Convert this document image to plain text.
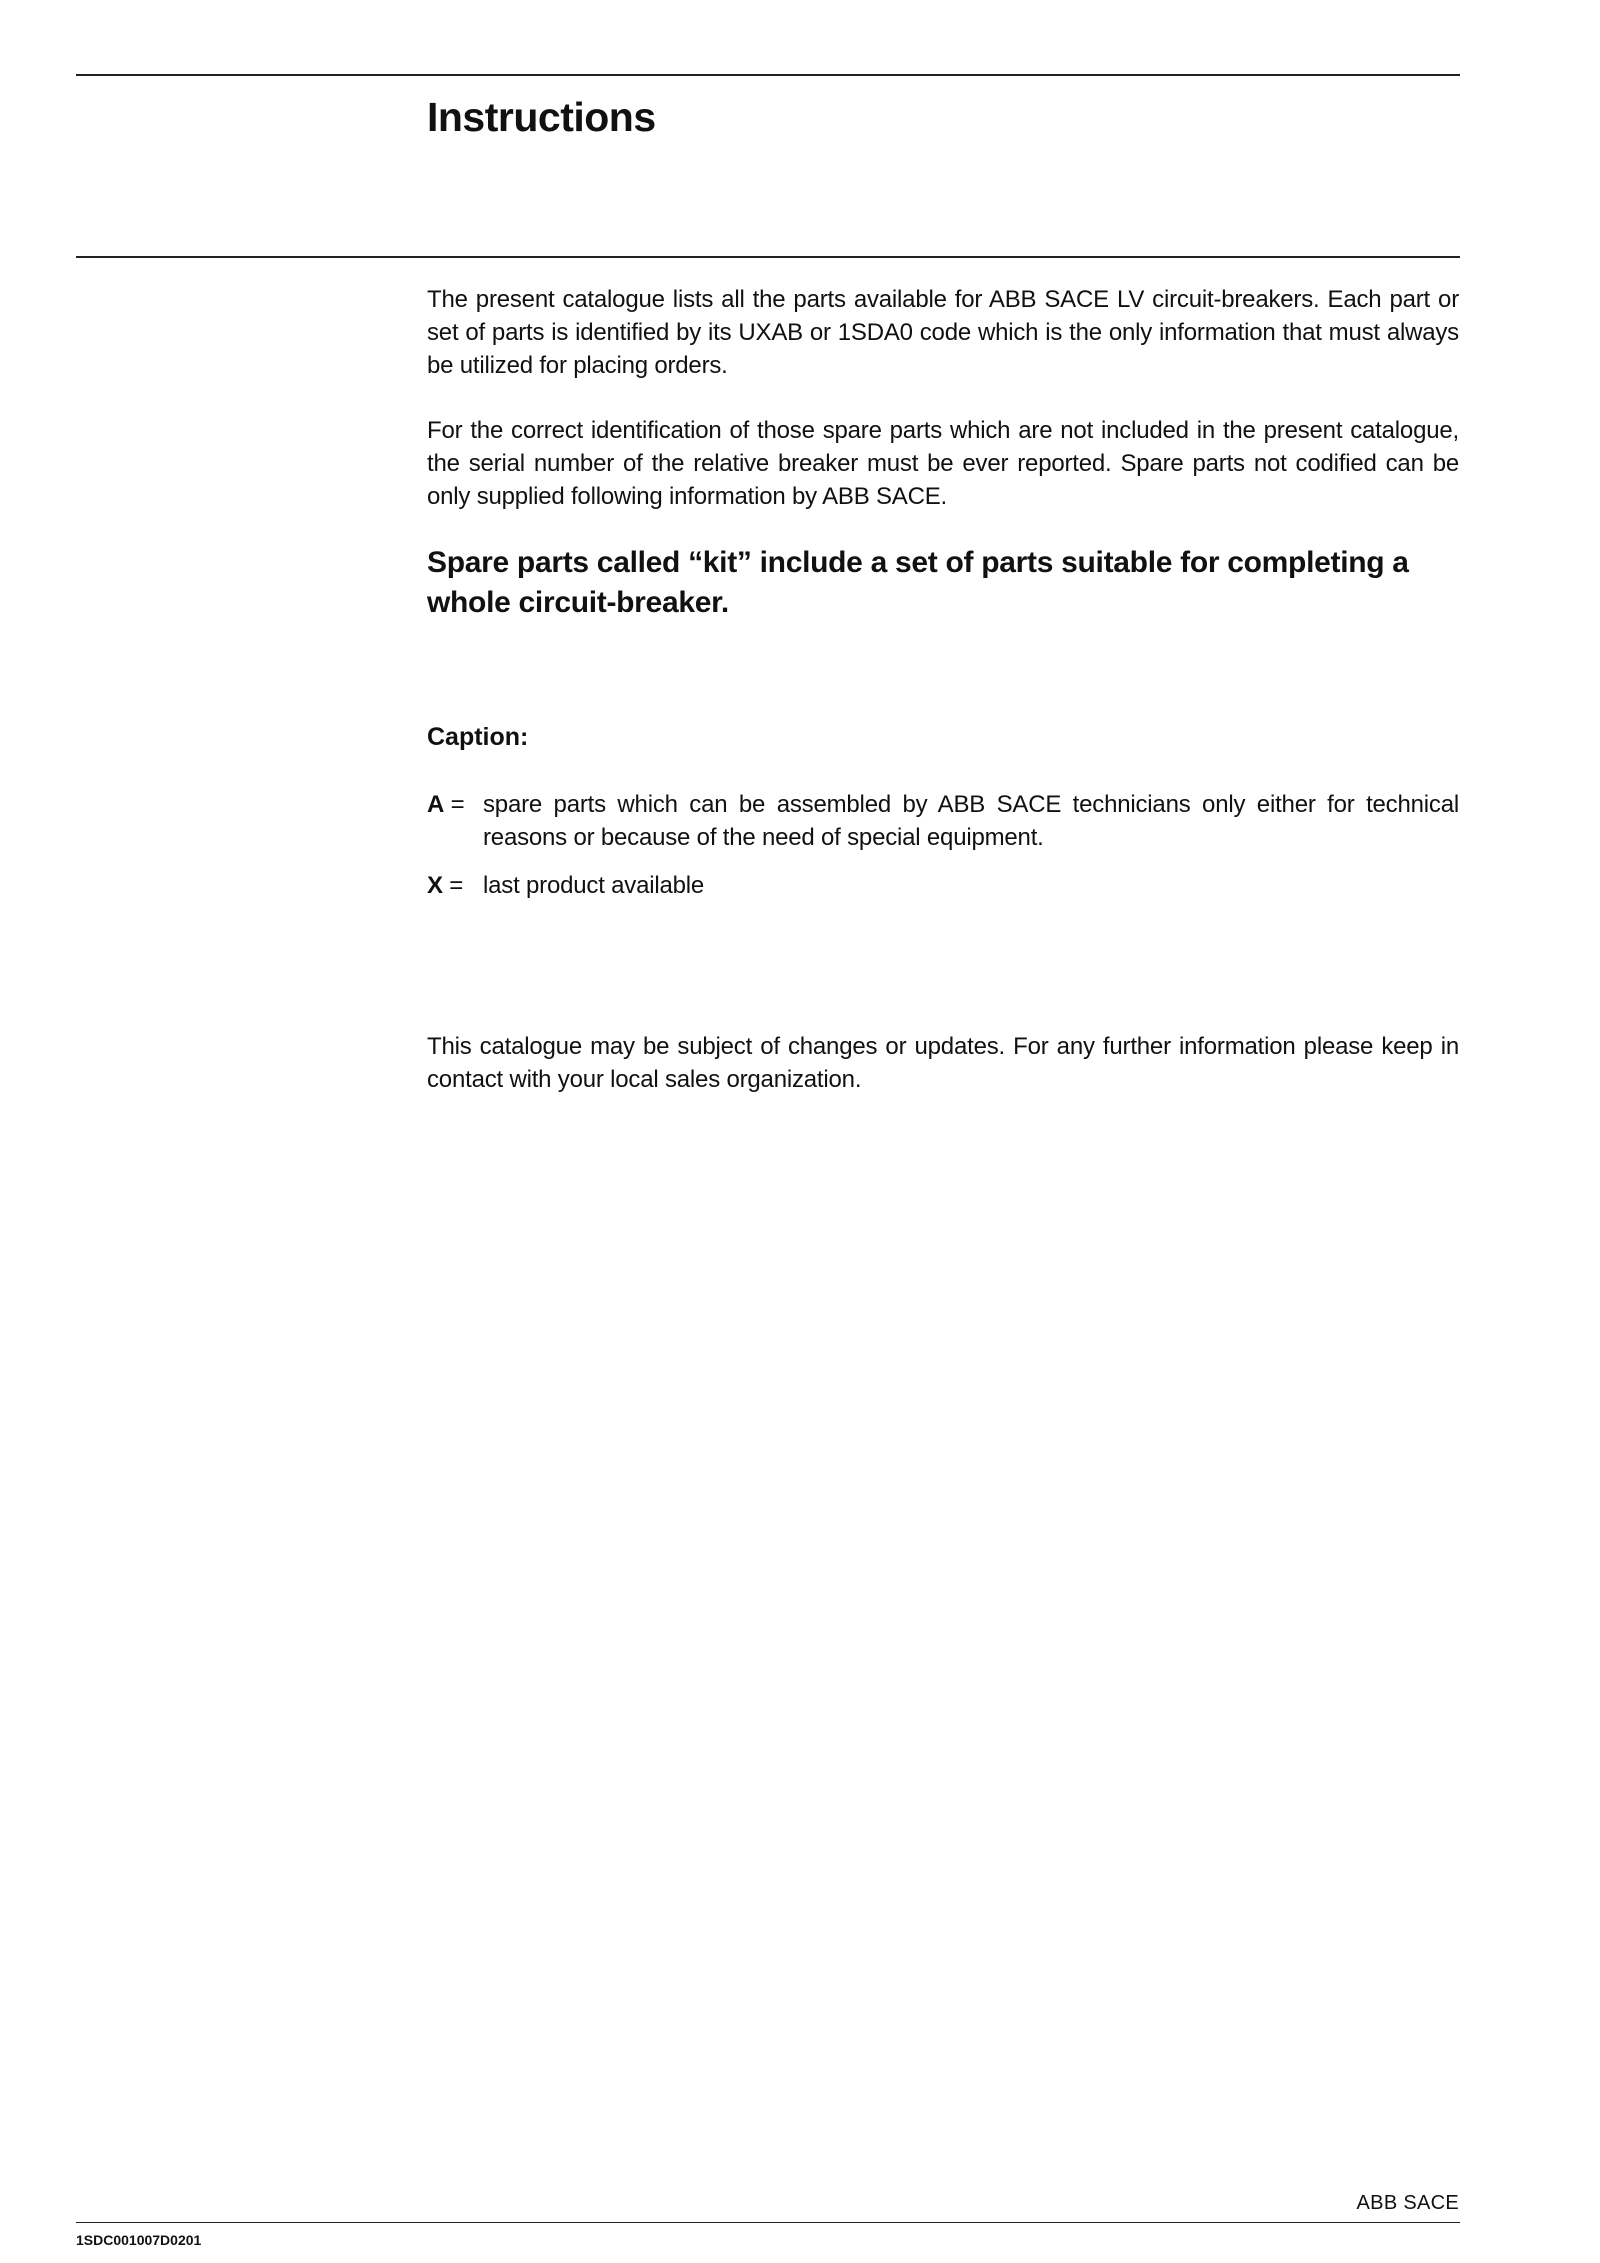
Instructions

The present catalogue lists all the parts available for ABB SACE LV circuit-breakers. Each part or set of parts is identified by its UXAB or 1SDA0 code which is the only information that must always be utilized for placing orders.

For the correct identification of those spare parts which are not included in the present catalogue, the serial number of the relative breaker must be ever reported. Spare parts not codified can be only supplied following information by ABB SACE.

Spare parts called “kit” include a set of parts suitable for completing a whole circuit-breaker.

Caption:

A = spare parts which can be assembled by ABB SACE technicians only either for technical reasons or because of the need of special equipment.
X = last product available

This catalogue may be subject of changes or updates. For any further information please keep in contact with your local sales organization.

ABB SACE
1SDC001007D0201
